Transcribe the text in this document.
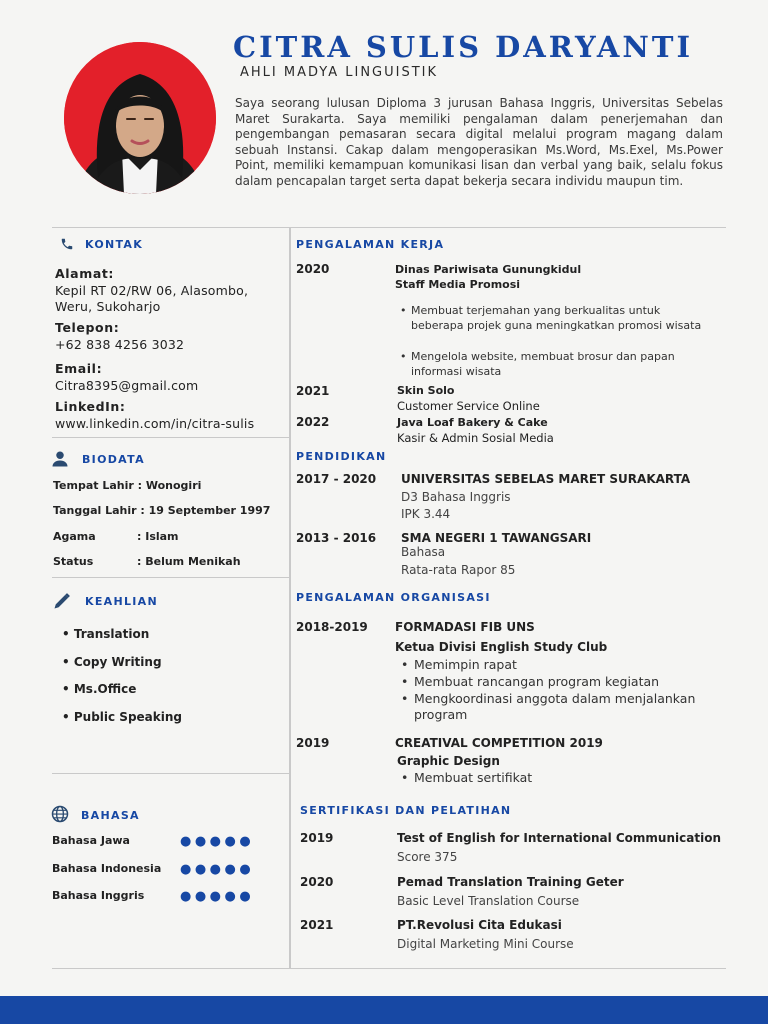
CITRA SULIS DARYANTI
AHLI MADYA LINGUISTIK
Saya seorang lulusan Diploma 3 jurusan Bahasa Inggris, Universitas Sebelas Maret Surakarta. Saya memiliki pengalaman dalam penerjemahan dan pengembangan pemasaran secara digital melalui program magang dalam sebuah Instansi. Cakap dalam mengoperasikan Ms.Word, Ms.Exel, Ms.Power Point, memiliki kemampuan komunikasi lisan dan verbal yang baik, selalu fokus dalam pencapalan target serta dapat bekerja secara individu maupun tim.
KONTAK
Alamat:
Kepil RT 02/RW 06, Alasombo,
Weru, Sukoharjo
Telepon:
+62 838 4256 3032
Email:
Citra8395@gmail.com
LinkedIn:
www.linkedin.com/in/citra-sulis
BIODATA
Tempat Lahir : Wonogiri
Tanggal Lahir : 19 September 1997
Agama	: Islam
Status	: Belum Menikah
KEAHLIAN
• Translation
• Copy Writing
• Ms.Office
• Public Speaking
BAHASA
Bahasa Jawa	●●●●●
Bahasa Indonesia ●●●●●
Bahasa Inggris	●●●●●
PENGALAMAN KERJA
2020	Dinas Pariwisata Gunungkidul
Staff Media Promosi
• Membuat terjemahan yang berkualitas untuk beberapa projek guna meningkatkan promosi wisata
• Mengelola website, membuat brosur dan papan informasi wisata
2021	Skin Solo
Customer Service Online
2022	Java Loaf Bakery & Cake
Kasir & Admin Sosial Media
PENDIDIKAN
2017 - 2020 UNIVERSITAS SEBELAS MARET SURAKARTA
D3 Bahasa Inggris
IPK 3.44
2013 - 2016 SMA NEGERI 1 TAWANGSARI
Bahasa
Rata-rata Rapor 85
PENGALAMAN ORGANISASI
2018-2019 FORMADASI FIB UNS
Ketua Divisi English Study Club
• Memimpin rapat
• Membuat rancangan program kegiatan
• Mengkoordinasi anggota dalam menjalankan program
2019	CREATIVAL COMPETITION 2019
Graphic Design
• Membuat sertifikat
SERTIFIKASI DAN PELATIHAN
2019	Test of English for International Communication
Score 375
2020	Pemad Translation Training Geter
Basic Level Translation Course
2021	PT.Revolusi Cita Edukasi
Digital Marketing Mini Course
